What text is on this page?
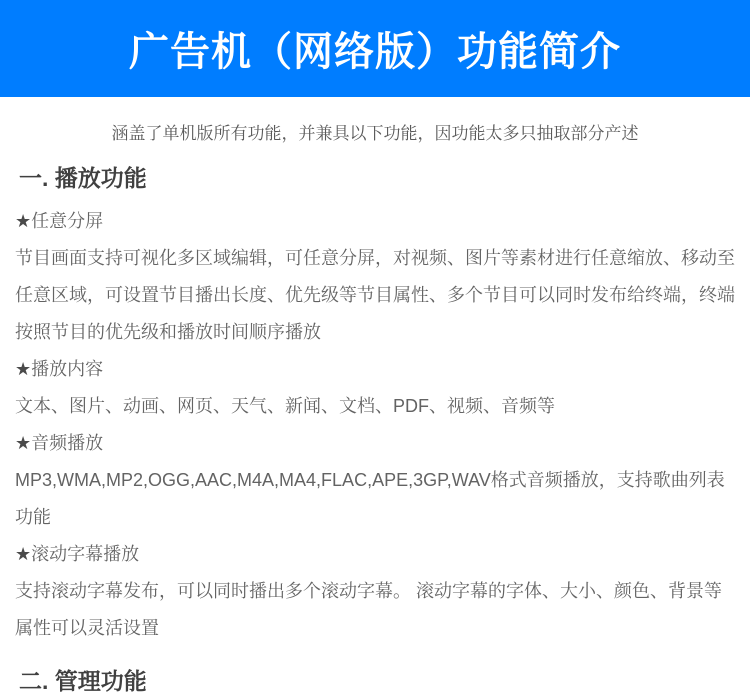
广告机（网络版）功能简介

涵盖了单机版所有功能，并兼具以下功能，因功能太多只抽取部分产述

一. 播放功能

★任意分屏

节目画面支持可视化多区域编辑，可任意分屏，对视频、图片等素材进行任意缩放、移动至任意区域，可设置节目播出长度、优先级等节目属性、多个节目可以同时发布给终端，终端按照节目的优先级和播放时间顺序播放

★播放内容

文本、图片、动画、网页、天气、新闻、文档、PDF、视频、音频等

★音频播放

MP3,WMA,MP2,OGG,AAC,M4A,MA4,FLAC,APE,3GP,WAV格式音频播放，支持歌曲列表功能

★滚动字幕播放

支持滚动字幕发布，可以同时播出多个滚动字幕。 滚动字幕的字体、大小、颜色、背景等属性可以灵活设置

二. 管理功能
